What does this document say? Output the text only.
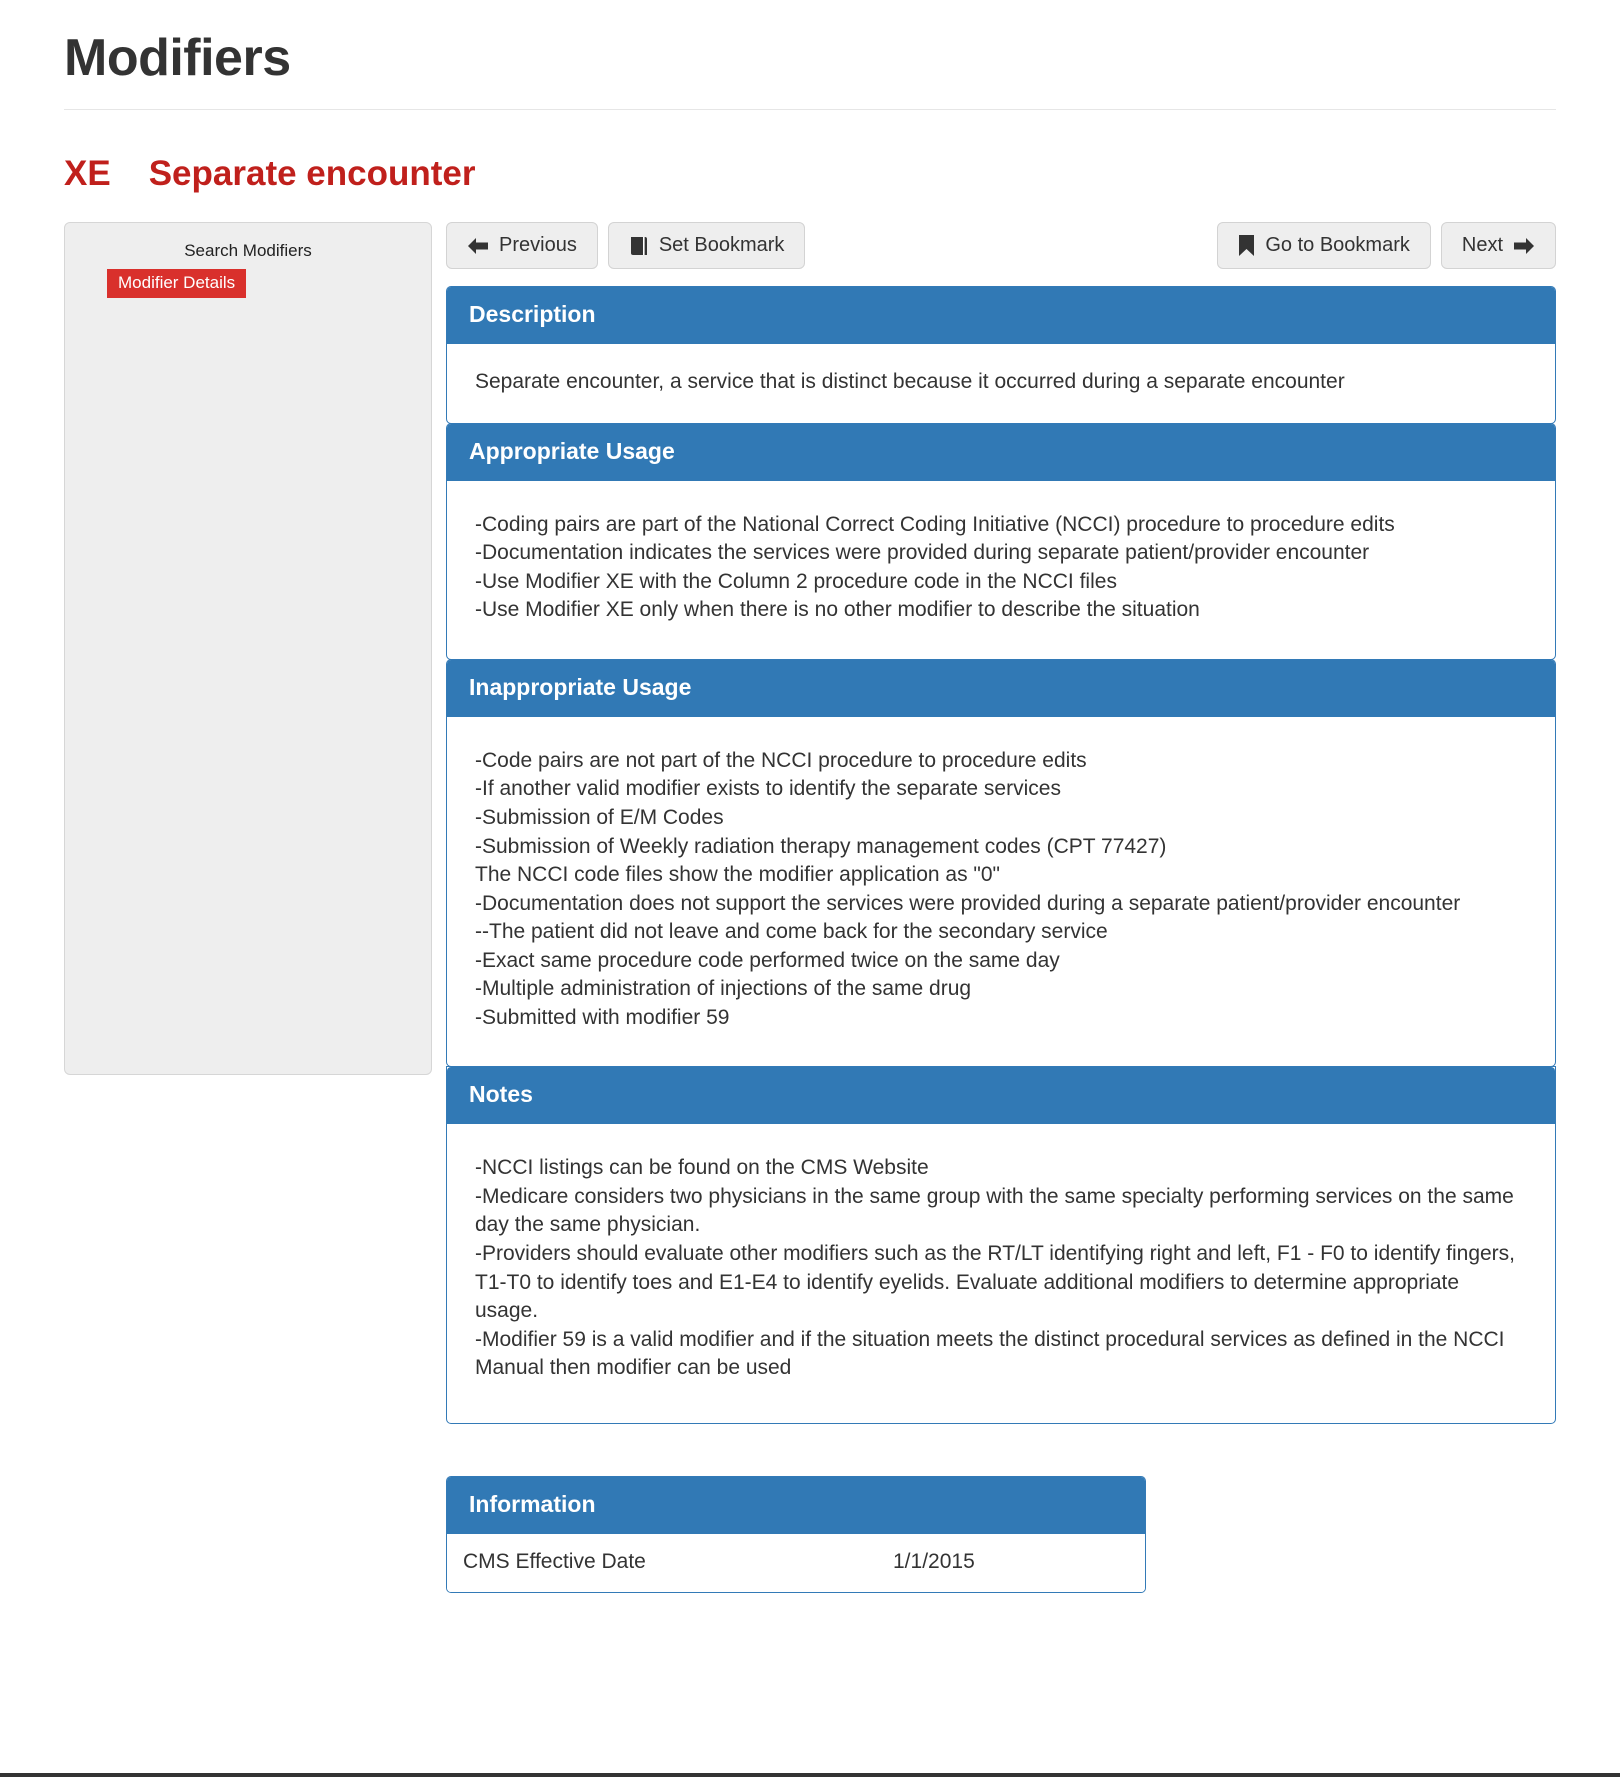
Modifiers
XE Separate encounter
Search Modifiers
Modifier Details
Previous	Set Bookmark	Go to Bookmark	Next
Description

Separate encounter, a service that is distinct because it occurred during a separate encounter

Appropriate Usage

-Coding pairs are part of the National Correct Coding Initiative (NCCI) procedure to procedure edits

-Documentation indicates the services were provided during separate patient/provider encounter

-Use Modifier XE with the Column 2 procedure code in the NCCI files

-Use Modifier XE only when there is no other modifier to describe the situation

Inappropriate Usage

-Code pairs are not part of the NCCI procedure to procedure edits

-If another valid modifier exists to identify the separate services

-Submission of E/M Codes

-Submission of Weekly radiation therapy management codes (CPT 77427)

The NCCI code files show the modifier application as "0"

-Documentation does not support the services were provided during a separate patient/provider encounter

--The patient did not leave and come back for the secondary service

-Exact same procedure code performed twice on the same day

-Multiple administration of injections of the same drug

-Submitted with modifier 59

Notes

-NCCI listings can be found on the CMS Website

-Medicare considers two physicians in the same group with the same specialty performing services on the same day the same physician.

-Providers should evaluate other modifiers such as the RT/LT identifying right and left, F1 - F0 to identify fingers, T1-T0 to identify toes and E1-E4 to identify eyelids. Evaluate additional modifiers to determine appropriate usage.

-Modifier 59 is a valid modifier and if the situation meets the distinct procedural services as defined in the NCCI Manual then modifier can be used

Information
CMS Effective Date	1/1/2015
